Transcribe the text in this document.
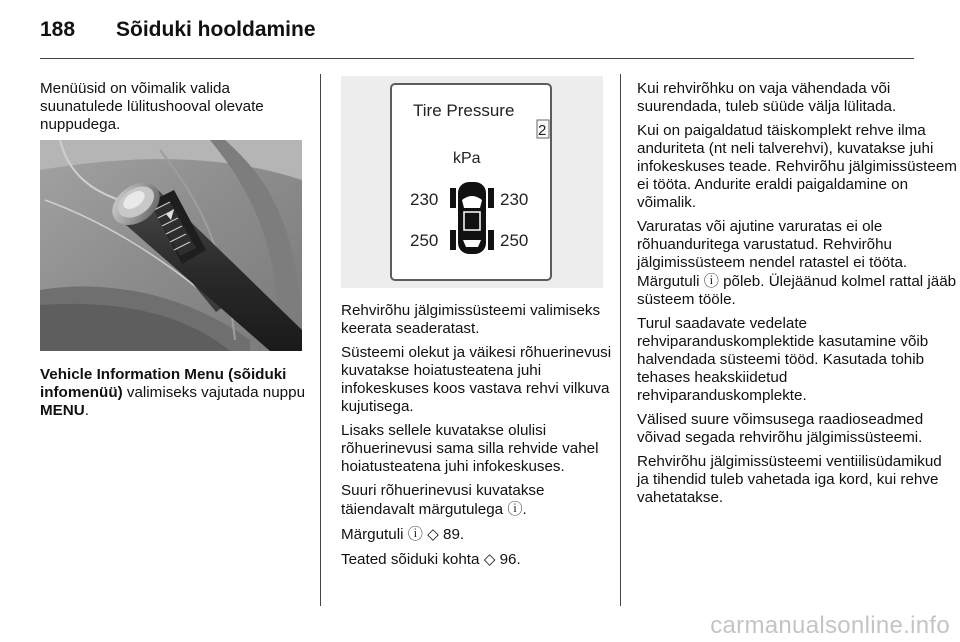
188 Sõiduki hooldamine

Menüüsid on võimalik valida suunatulede lülitushooval olevate nuppudega.

Vehicle Information Menu (sõiduki infomenüü) valimiseks vajutada nuppu MENU.
Tire Pressure
2
kPa
230	230
250	250

Rehvirõhu jälgimissüsteemi valimiseks keerata seaderatast.

Süsteemi olekut ja väikesi rõhuerinevusi kuvatakse hoiatusteatena juhi infokeskuses koos vastava rehvi vilkuva kujutisega.

Lisaks sellele kuvatakse olulisi rõhuerinevusi sama silla rehvide vahel hoiatusteatena juhi infokeskuses.

Suuri rõhuerinevusi kuvatakse täiendavalt märgutulega ⓘ.

Märgutuli ⓘ ◇ 89.

Teated sõiduki kohta ◇ 96.

Kui rehvirõhku on vaja vähendada või suurendada, tuleb süüde välja lülitada.

Kui on paigaldatud täiskomplekt rehve ilma anduriteta (nt neli talverehvi), kuvatakse juhi infokeskuses teade. Rehvirõhu jälgimissüsteem ei tööta. Andurite eraldi paigaldamine on võimalik.

Varuratas või ajutine varuratas ei ole rõhuanduritega varustatud. Rehvirõhu jälgimissüsteem nendel ratastel ei tööta. Märgutuli ⓘ põleb. Ülejäänud kolmel rattal jääb süsteem tööle.

Turul saadavate vedelate rehviparanduskomplektide kasutamine võib halvendada süsteemi tööd. Kasutada tohib tehases heakskiidetud rehviparanduskomplekte.

Välised suure võimsusega raadioseadmed võivad segada rehvirõhu jälgimissüsteemi.

Rehvirõhu jälgimissüsteemi ventiilisüdamikud ja tihendid tuleb vahetada iga kord, kui rehve vahetatakse.

carmanualsonline.info
